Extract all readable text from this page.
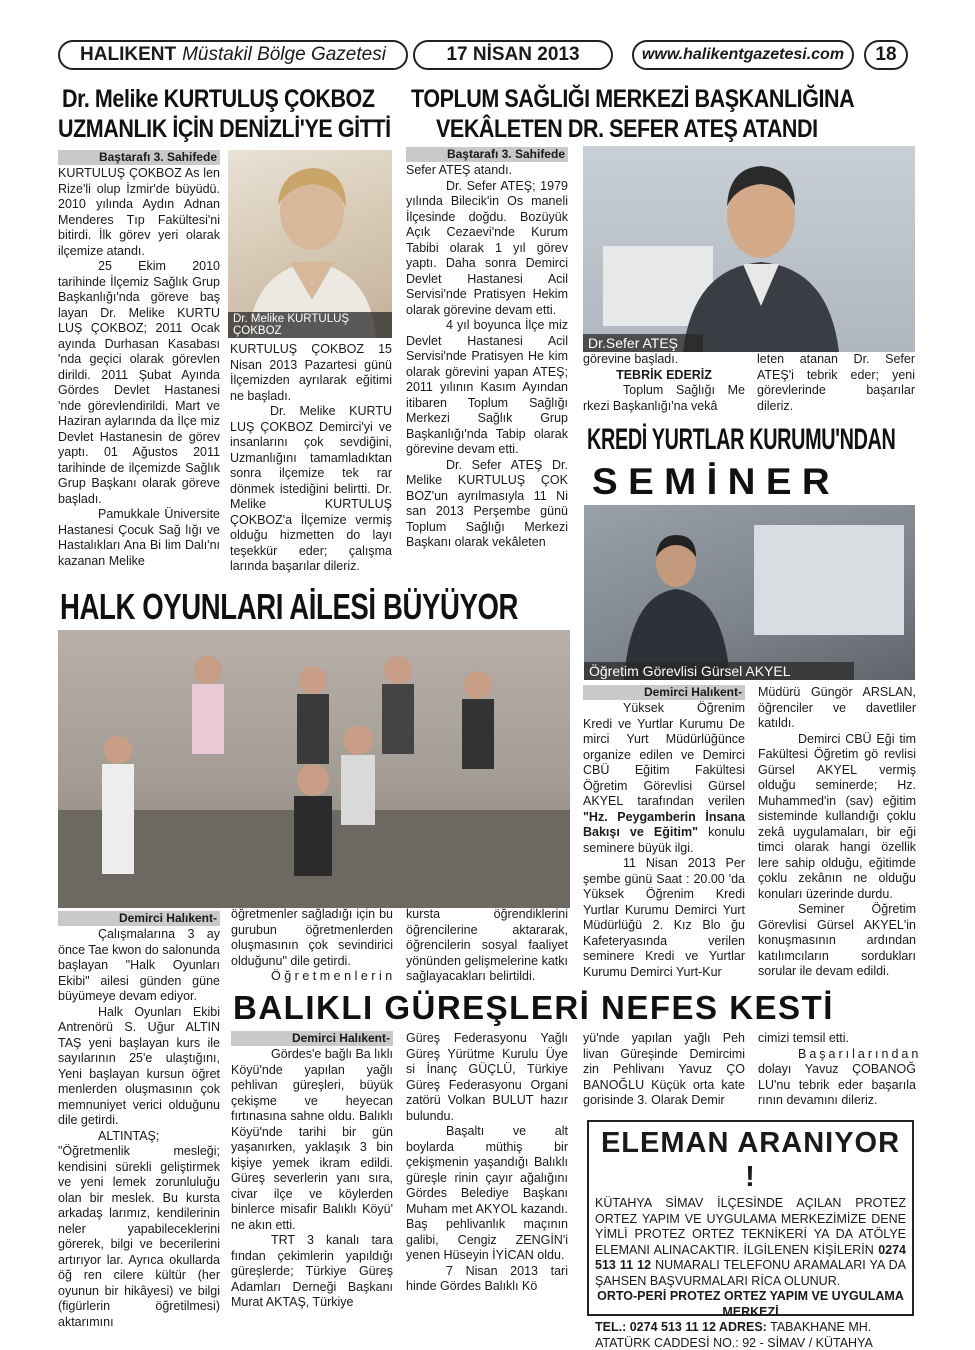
HALIKENT Müstakil Bölge Gazetesi	17 NİSAN 2013	www.halikentgazetesi.com	18
Dr. Melike KURTULUŞ ÇOKBOZ
UZMANLIK İÇİN DENİZLİ'YE GİTTİ
Baştarafı 3. Sahifede

KURTULUŞ ÇOKBOZ As len Rize'li olup İzmir'de büyüdü. 2010 yılında Aydın Adnan Menderes Tıp Fakültesi'ni bitirdi. İlk görev yeri olarak ilçemize atandı.

25 Ekim 2010 tarihinde İlçemiz Sağlık Grup Başkanlığı'nda göreve baş layan Dr. Melike KURTU LUŞ ÇOKBOZ; 2011 Ocak ayında Durhasan Kasabası 'nda geçici olarak görevlen dirildi. 2011 Şubat Ayında Gördes Devlet Hastanesi 'nde görevlendirildi. Mart ve Haziran aylarında da İlçe miz Devlet Hastanesin de görev yaptı. 01 Ağustos 2011 tarihinde de ilçemizde Sağlık Grup Başkanı olarak göreve başladı.

Pamukkale Üniversite Hastanesi Çocuk Sağ lığı ve Hastalıkları Ana Bi lim Dalı'nı kazanan Melike

Dr. Melike KURTULUŞ ÇOKBOZ

KURTULUŞ ÇOKBOZ 15 Nisan 2013 Pazartesi günü İlçemizden ayrılarak eğitimi ne başladı.

Dr. Melike KURTU LUŞ ÇOKBOZ Demirci'yi ve insanlarını çok sevdiğini, Uzmanlığını tamamladıktan sonra ilçemize tek rar dönmek istediğini belirtti. Dr. Melike KURTULUŞ ÇOKBOZ'a İlçemize vermiş olduğu hizmetten do layı teşekkür eder; çalışma larında başarılar dileriz.

TOPLUM SAĞLIĞI MERKEZİ BAŞKANLIĞINA
VEKÂLETEN DR. SEFER ATEŞ ATANDI
Baştarafı 3. Sahifede

Sefer ATEŞ atandı.

Dr. Sefer ATEŞ; 1979 yılında Bilecik'in Os maneli İlçesinde doğdu. Bozüyük Açık Cezaevi'nde Kurum Tabibi olarak 1 yıl görev yaptı. Daha sonra Demirci Devlet Hastanesi Acil Servisi'nde Pratisyen Hekim olarak görevine devam etti.

4 yıl boyunca İlçe miz Devlet Hastanesi Acil Servisi'nde Pratisyen He kim olarak görevini yapan ATEŞ; 2011 yılının Kasım Ayından itibaren Toplum Sağlığı Merkezi Sağlık Grup Başkanlığı'nda Tabip olarak görevine devam etti.

Dr. Sefer ATEŞ Dr. Melike KURTULUŞ ÇOK BOZ'un ayrılmasıyla 11 Ni san 2013 Perşembe günü Toplum Sağlığı Merkezi Başkanı olarak vekâleten

Dr.Sefer ATEŞ

görevine başladı.

TEBRİK EDERİZ

Toplum Sağlığı Me rkezi Başkanlığı'na vekâ

leten atanan Dr. Sefer ATEŞ'i tebrik eder; yeni görevlerinde başarılar dileriz.

KREDİ YURTLAR KURUMU'NDAN
SEMİNER
Öğretim Görevlisi Gürsel AKYEL
Demirci Halıkent-

Yüksek Öğrenim Kredi ve Yurtlar Kurumu De mirci Yurt Müdürlüğünce organize edilen ve Demirci CBÜ Eğitim Fakültesi Öğretim Görevlisi Gürsel AKYEL tarafından verilen "Hz. Peygamberin İnsana Bakışı ve Eğitim" konulu seminere büyük ilgi.

11 Nisan 2013 Per şembe günü Saat : 20.00 'da Yüksek Öğrenim Kredi Yurtlar Kurumu Demirci Yurt Müdürlüğü 2. Kız Blo ğu Kafeteryasında verilen seminere Kredi ve Yurtlar Kurumu Demirci Yurt-Kur

Müdürü Güngör ARSLAN, öğrenciler ve davetliler katıldı.

Demirci CBÜ Eği tim Fakültesi Öğretim gö revlisi Gürsel AKYEL vermiş olduğu seminerde; Hz. Muhammed'in (sav) eğitim sisteminde kullandığı çoklu zekâ uygulamaları, bir eği timci olarak hangi özellik lere sahip olduğu, eğitimde çoklu zekânın ne olduğu konuları üzerinde durdu.

Seminer Öğretim Görevlisi Gürsel AKYEL'in konuşmasının ardından katılımcıların sordukları sorular ile devam edildi.

HALK OYUNLARI AİLESİ BÜYÜYOR
Demirci Halıkent-

Çalışmalarına 3 ay önce Tae kwon do salonunda başlayan "Halk Oyunları Ekibi" ailesi günden güne büyümeye devam ediyor.

Halk Oyunları Ekibi Antrenörü S. Uğur ALTIN TAŞ yeni başlayan kurs ile sayılarının 25'e ulaştığını, Yeni başlayan kursun öğret menlerden oluşmasının çok memnuniyet verici olduğunu dile getirdi.

ALTINTAŞ; "Öğretmenlik mesleği; kendisini sürekli geliştirmek ve yeni lemek zorunluluğu olan bir meslek. Bu kursta arkadaş larımız, kendilerinin neler yapabileceklerini görerek, bilgi ve becerilerini artırıyor lar. Ayrıca okullarda öğ ren cilere kültür (her oyunun bir hikâyesi) ve bilgi (figürlerin öğretilmesi) aktarımını

öğretmenler sağladığı için bu gurubun öğretmenlerden oluşmasının çok sevindirici olduğunu" dile getirdi.

Öğretmenlerin

kursta öğrendiklerini öğrencilerine aktararak, öğrencilerin sosyal faaliyet yönünden gelişmelerine katkı sağlayacakları belirtildi.

BALIKLI GÜREŞLERİ NEFES KESTİ
Demirci Halıkent-

Gördes'e bağlı Ba lıklı Köyü'nde yapılan yağlı pehlivan güreşleri, büyük çekişme ve heyecan fırtınasına sahne oldu. Balıklı Köyü'nde tarihi bir gün yaşanırken, yaklaşık 3 bin kişiye yemek ikram edildi. Güreş severlerin yanı sıra, civar ilçe ve köylerden binlerce misafir Balıklı Köyü' ne akın etti.

TRT 3 kanalı tara fından çekimlerin yapıldığı güreşlerde; Türkiye Güreş Adamları Derneği Başkanı Murat AKTAŞ, Türkiye

Güreş Federasyonu Yağlı Güreş Yürütme Kurulu Üye si İnanç GÜÇLÜ, Türkiye Güreş Federasyonu Organi zatörü Volkan BULUT hazır bulundu.

Başaltı ve alt boylarda müthiş bir çekişmenin yaşandığı Balıklı güreşle rinin çayır ağalığını Gördes Belediye Başkanı Muham met AKYOL kazandı. Baş pehlivanlık maçının galibi, Cengiz ZENGİN'i yenen Hüseyin İYİCAN oldu.

7 Nisan 2013 tari hinde Gördes Balıklı Kö

yü'nde yapılan yağlı Peh livan Güreşinde Demircimi zin Pehlivanı Yavuz ÇO BANOĞLU Küçük orta kate gorisinde 3. Olarak Demir

cimizi temsil etti.

Başarılarından

dolayı Yavuz ÇOBANOĞ LU'nu tebrik eder başarıla rının devamını dileriz.

ELEMAN ARANIYOR !
KÜTAHYA SİMAV İLÇESİNDE AÇILAN PROTEZ ORTEZ YAPIM VE UYGULAMA MERKEZİMİZE DENE YİMLİ PROTEZ ORTEZ TEKNİKERİ YA DA ATÖLYE ELEMANI ALINACAKTIR. İLGİLENEN KİŞİLERİN 0274 513 11 12 NUMARALI TELEFONU ARAMALARI YA DA ŞAHSEN BAŞVURMALARI RİCA OLUNUR.
ORTO-PERİ PROTEZ ORTEZ YAPIM VE UYGULAMA MERKEZİ
TEL.: 0274 513 11 12 ADRES: TABAKHANE MH.
ATATÜRK CADDESİ NO.: 92 - SİMAV / KÜTAHYA
